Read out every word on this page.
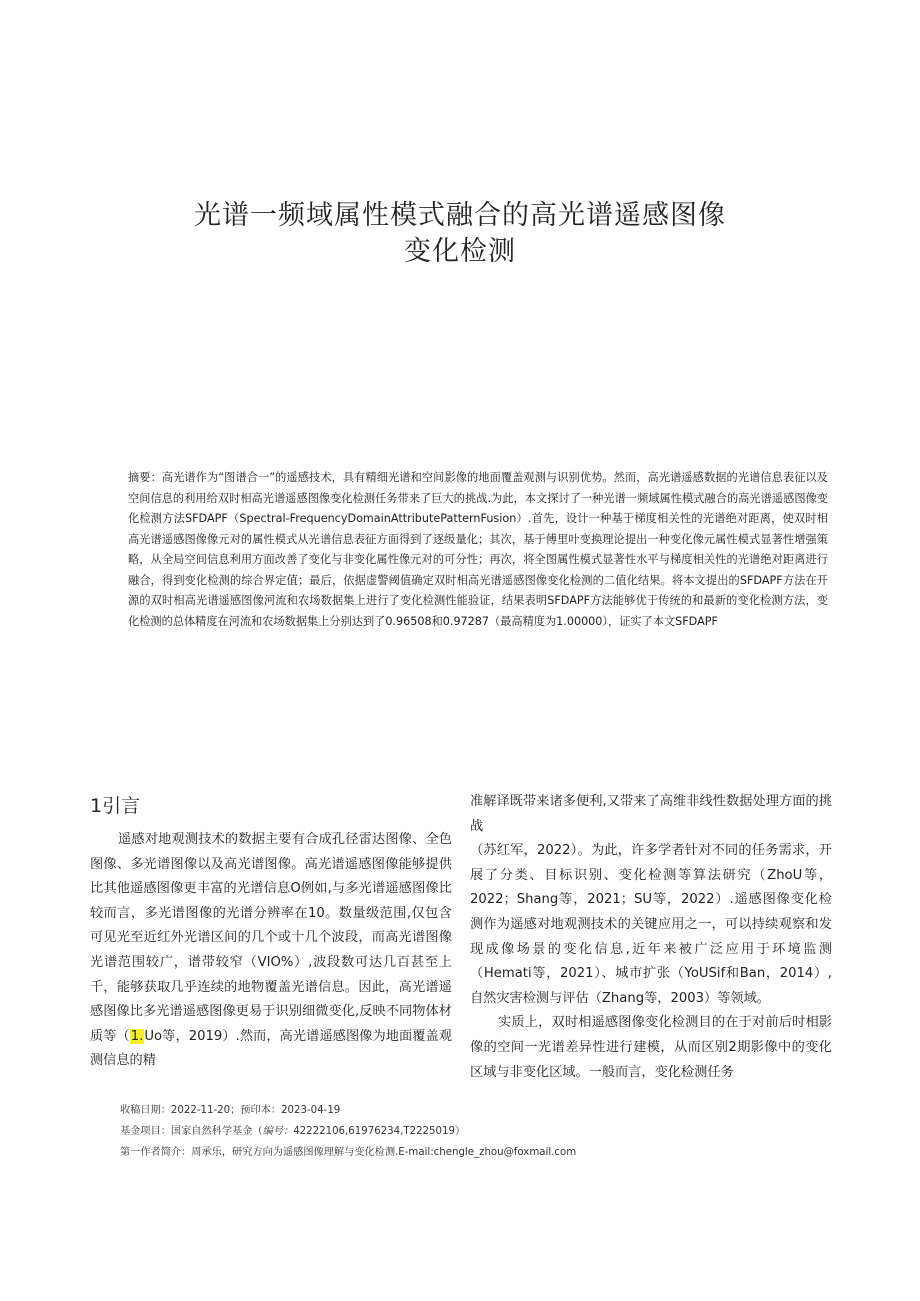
光谱一频域属性模式融合的高光谱遥感图像
变化检测
摘要：高光谱作为“图谱合一”的遥感技术，具有精细光谱和空间影像的地面覆盖观测与识别优势。然而，高光谱遥感数据的光谱信息表征以及空间信息的利用给双时相高光谱遥感图像变化检测任务带来了巨大的挑战.为此，本文探讨了一种光谱一频域属性模式融合的高光谱遥感图像变化检测方法SFDAPF（Spectral-FrequencyDomainAttributePatternFusion）.首先，设计一种基于梯度相关性的光谱绝对距离，使双时相高光谱遥感图像像元对的属性模式从光谱信息表征方面得到了逐级量化；其次，基于傅里叶变换理论提出一种变化像元属性模式显著性增强策略，从全局空间信息利用方面改善了变化与非变化属性像元对的可分性；再次，将全图属性模式显著性水平与梯度相关性的光谱绝对距离进行融合，得到变化检测的综合界定值；最后，依据虚警阈值确定双时相高光谱遥感图像变化检测的二值化结果。将本文提出的SFDAPF方法在开源的双时相高光谱遥感图像河流和农场数据集上进行了变化检测性能验证，结果表明SFDAPF方法能够优于传统的和最新的变化检测方法，变化检测的总体精度在河流和农场数据集上分别达到了0.96508和0.97287（最高精度为1.00000），证实了本文SFDAPF
1引言

遥感对地观测技术的数据主要有合成孔径雷达图像、全色图像、多光谱图像以及高光谱图像。高光谱遥感图像能够提供比其他遥感图像更丰富的光谱信息O例如,与多光谱遥感图像比较而言，多光谱图像的光谱分辨率在10。数量级范围,仅包含可见光至近红外光谱区间的几个或十几个波段，而高光谱图像光谱范围较广，谱带较窄（VIO%）,波段数可达几百甚至上千，能够获取几乎连续的地物覆盖光谱信息。因此，高光谱遥感图像比多光谱遥感图像更易于识别细微变化,反映不同物体材质等（1.Uo等，2019）.然而，高光谱遥感图像为地面覆盖观测信息的精

准解译既带来诸多便利,又带来了高维非线性数据处理方面的挑战

（苏红军，2022）。为此，许多学者针对不同的任务需求，开展了分类、目标识别、变化检测等算法研究（ZhoU等，2022；Shang等，2021；SU等，2022）.遥感图像变化检测作为遥感对地观测技术的关键应用之一，可以持续观察和发现成像场景的变化信息,近年来被广泛应用于环境监测（Hemati等，2021）、城市扩张（YoUSif和Ban，2014）,自然灾害检测与评估（Zhang等，2003）等领域。

实质上，双时相遥感图像变化检测目的在于对前后时相影像的空间一光谱差异性进行建模，从而区别2期影像中的变化区域与非变化区域。一般而言，变化检测任务

收稿日期：2022-11-20；预印本：2023-04-19
基金项目：国家自然科学基金（编号：42222106,61976234,T2225019）
第一作者简介：周承乐，研究方向为遥感图像理解与变化检测.E-mail:chengle_zhou@foxmail.com
